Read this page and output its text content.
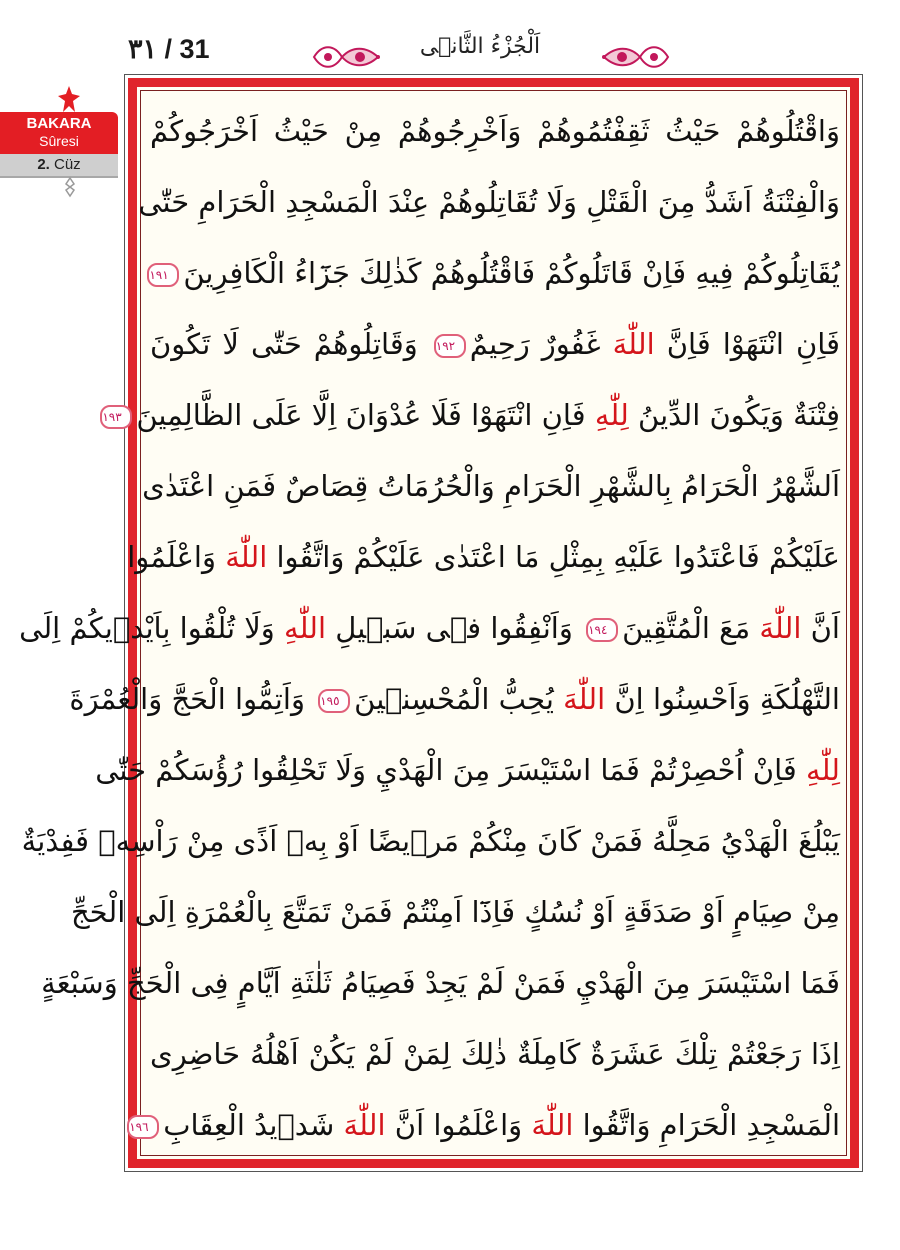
٣١ / 31	اَلْجُزْءُ الثَّانٖى
BAKARA
Sûresi
2. Cüz
وَاقْتُلُوهُمْ حَيْثُ ثَقِفْتُمُوهُمْ وَاَخْرِجُوهُمْ مِنْ حَيْثُ اَخْرَجُوكُمْ
وَالْفِتْنَةُ اَشَدُّ مِنَ الْقَتْلِ وَلَا تُقَاتِلُوهُمْ عِنْدَ الْمَسْجِدِ الْحَرَامِ حَتّٰى
يُقَاتِلُوكُمْ فِيهِ فَاِنْ قَاتَلُوكُمْ فَاقْتُلُوهُمْ كَذٰلِكَ جَزَٓاءُ الْكَافِرِينَ١٩١
فَاِنِ انْتَهَوْا فَاِنَّ اللّٰهَ غَفُورٌ رَحِيمٌ١٩٢ وَقَاتِلُوهُمْ حَتّٰى لَا تَكُونَ
فِتْنَةٌ وَيَكُونَ الدِّينُ لِلّٰهِ فَاِنِ انْتَهَوْا فَلَا عُدْوَانَ اِلَّا عَلَى الظَّالِمِينَ١٩٣
اَلشَّهْرُ الْحَرَامُ بِالشَّهْرِ الْحَرَامِ وَالْحُرُمَاتُ قِصَاصٌ فَمَنِ اعْتَدٰى
عَلَيْكُمْ فَاعْتَدُوا عَلَيْهِ بِمِثْلِ مَا اعْتَدٰى عَلَيْكُمْ وَاتَّقُوا اللّٰهَ وَاعْلَمُوا
اَنَّ اللّٰهَ مَعَ الْمُتَّقِينَ١٩٤ وَاَنْفِقُوا فٖى سَبٖيلِ اللّٰهِ وَلَا تُلْقُوا بِاَيْدٖيكُمْ اِلَى
التَّهْلُكَةِ وَاَحْسِنُوا اِنَّ اللّٰهَ يُحِبُّ الْمُحْسِنٖينَ١٩٥ وَاَتِمُّوا الْحَجَّ وَالْعُمْرَةَ
لِلّٰهِ فَاِنْ اُحْصِرْتُمْ فَمَا اسْتَيْسَرَ مِنَ الْهَدْيِ وَلَا تَحْلِقُوا رُؤُسَكُمْ حَتّٰى
يَبْلُغَ الْهَدْيُ مَحِلَّهُ فَمَنْ كَانَ مِنْكُمْ مَرٖيضًا اَوْ بِهٖ اَذًى مِنْ رَاْسِهٖ فَفِدْيَةٌ
مِنْ صِيَامٍ اَوْ صَدَقَةٍ اَوْ نُسُكٍ فَاِذَٓا اَمِنْتُمْ فَمَنْ تَمَتَّعَ بِالْعُمْرَةِ اِلَى الْحَجِّ
فَمَا اسْتَيْسَرَ مِنَ الْهَدْيِ فَمَنْ لَمْ يَجِدْ فَصِيَامُ ثَلٰثَةِ اَيَّامٍ فِى الْحَجِّ وَسَبْعَةٍ
اِذَا رَجَعْتُمْ تِلْكَ عَشَرَةٌ كَامِلَةٌ ذٰلِكَ لِمَنْ لَمْ يَكُنْ اَهْلُهُ حَاضِرِى
الْمَسْجِدِ الْحَرَامِ وَاتَّقُوا اللّٰهَ وَاعْلَمُوا اَنَّ اللّٰهَ شَدٖيدُ الْعِقَابِ١٩٦
